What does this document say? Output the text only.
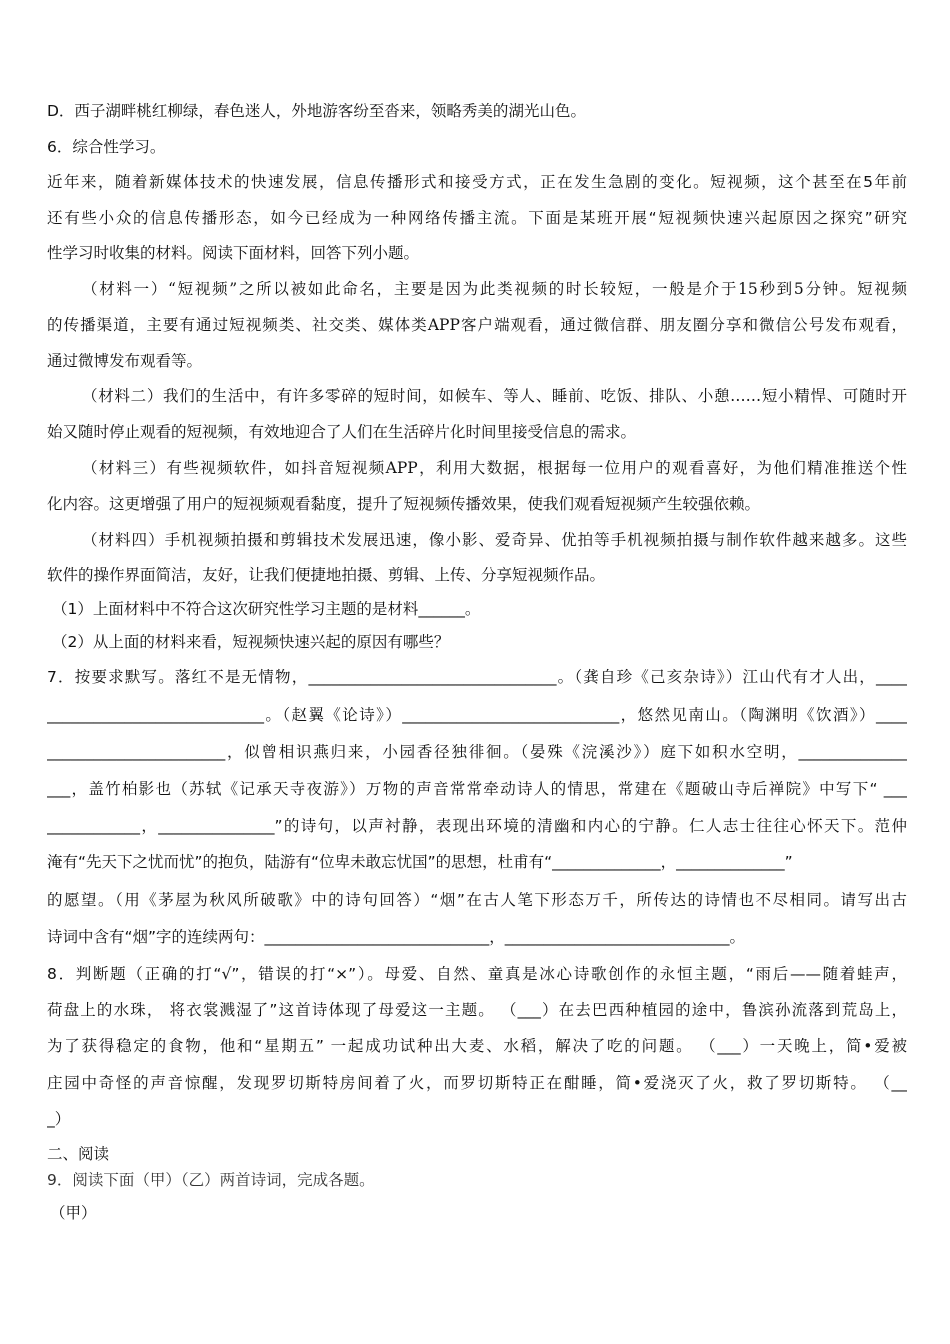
D．西子湖畔桃红柳绿，春色迷人，外地游客纷至沓来，领略秀美的湖光山色。
6．综合性学习。
近年来，随着新媒体技术的快速发展，信息传播形式和接受方式，正在发生急剧的变化。短视频，这个甚至在5年前
还有些小众的信息传播形态，如今已经成为一种网络传播主流。下面是某班开展“短视频快速兴起原因之探究”研究
性学习时收集的材料。阅读下面材料，回答下列小题。
（材料一）“短视频”之所以被如此命名，主要是因为此类视频的时长较短，一般是介于15秒到5分钟。短视频
的传播渠道，主要有通过短视频类、社交类、媒体类APP客户端观看，通过微信群、朋友圈分享和微信公号发布观看，
通过微博发布观看等。
（材料二）我们的生活中，有许多零碎的短时间，如候车、等人、睡前、吃饭、排队、小憩……短小精悍、可随时开
始又随时停止观看的短视频，有效地迎合了人们在生活碎片化时间里接受信息的需求。
（材料三）有些视频软件，如抖音短视频APP，利用大数据，根据每一位用户的观看喜好，为他们精准推送个性
化内容。这更增强了用户的短视频观看黏度，提升了短视频传播效果，使我们观看短视频产生较强依赖。
（材料四）手机视频拍摄和剪辑技术发展迅速，像小影、爱奇异、优拍等手机视频拍摄与制作软件越来越多。这些
软件的操作界面简洁，友好，让我们便捷地拍摄、剪辑、上传、分享短视频作品。
（1）上面材料中不符合这次研究性学习主题的是材料______。
（2）从上面的材料来看，短视频快速兴起的原因有哪些？
7．按要求默写。落红不是无情物，________________________________。（龚自珍《己亥杂诗》）江山代有才人出，____
____________________________。（赵翼《论诗》）____________________________，悠然见南山。（陶渊明《饮酒》）____
_______________________，似曾相识燕归来，小园香径独徘徊。（晏殊《浣溪沙》）庭下如积水空明，______________
___，盖竹柏影也（苏轼《记承天寺夜游》）万物的声音常常牵动诗人的情思，常建在《题破山寺后禅院》中写下“ ___
____________，_______________”的诗句，以声衬静，表现出环境的清幽和内心的宁静。仁人志士往往心怀天下。范仲
淹有“先天下之忧而忧”的抱负，陆游有“位卑未敢忘忧国”的思想，杜甫有“______________，______________”
的愿望。（用《茅屋为秋风所破歌》中的诗句回答）“烟”在古人笔下形态万千，所传达的诗情也不尽相同。请写出古
诗词中含有“烟”字的连续两句：_____________________________，_____________________________。
8．判断题（正确的打“√”，错误的打“×”）。母爱、自然、童真是冰心诗歌创作的永恒主题，“雨后——随着蛙声，
荷盘上的水珠， 将衣裳溅湿了”这首诗体现了母爱这一主题。 （___）在去巴西种植园的途中，鲁滨孙流落到荒岛上，
为了获得稳定的食物，他和“星期五” 一起成功试种出大麦、水稻，解决了吃的问题。 （___）一天晚上，简•爱被
庄园中奇怪的声音惊醒，发现罗切斯特房间着了火，而罗切斯特正在酣睡，简•爱浇灭了火，救了罗切斯特。 （__
_）
二、阅读
9．阅读下面（甲）（乙）两首诗词，完成各题。
（甲）
